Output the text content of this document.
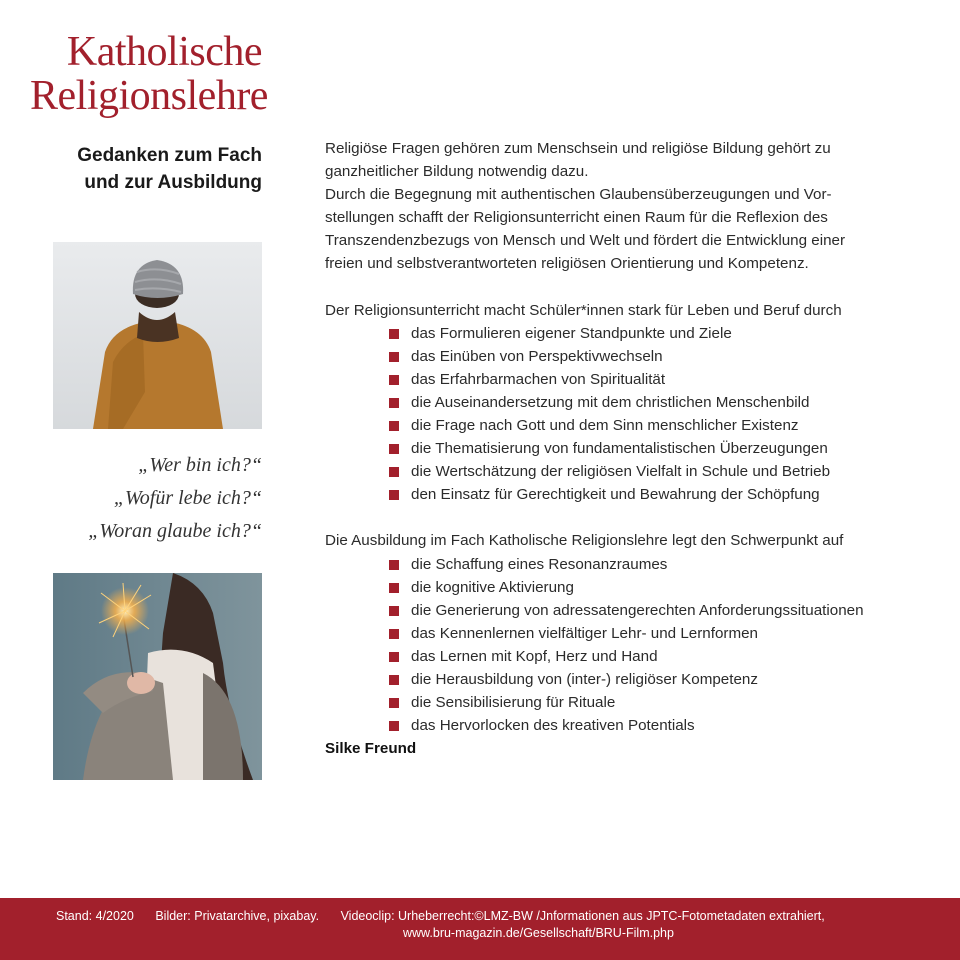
Katholische
Religionslehre
Gedanken zum Fach
und zur Ausbildung
„Wer bin ich?“
„Wofür lebe ich?“
„Woran glaube ich?“

Religiöse Fragen gehören zum Menschsein und religiöse Bildung gehört zu
ganzheitlicher Bildung notwendig dazu.
Durch die Begegnung mit authentischen Glaubensüberzeugungen und Vor-
stellungen schafft der Religionsunterricht einen Raum für die Reflexion des
Transzendenzbezugs von Mensch und Welt und fördert die Entwicklung einer
freien und selbstverantworteten religiösen Orientierung und Kompetenz.

Der Religionsunterricht macht Schüler*innen stark für Leben und Beruf durch

das Formulieren eigener Standpunkte und Ziele
das Einüben von Perspektivwechseln
das Erfahrbarmachen von Spiritualität
die Auseinandersetzung mit dem christlichen Menschenbild
die Frage nach Gott und dem Sinn menschlicher Existenz
die Thematisierung von fundamentalistischen Überzeugungen
die Wertschätzung der religiösen Vielfalt in Schule und Betrieb
den Einsatz für Gerechtigkeit und Bewahrung der Schöpfung

Die Ausbildung im Fach Katholische Religionslehre legt den Schwerpunkt auf

die Schaffung eines Resonanzraumes
die kognitive Aktivierung
die Generierung von adressatengerechten Anforderungssituationen
das Kennenlernen vielfältiger Lehr- und Lernformen
das Lernen mit Kopf, Herz und Hand
die Herausbildung von (inter-) religiöser Kompetenz
die Sensibilisierung für Rituale
das Hervorlocken des kreativen Potentials

Silke Freund

Stand: 4/2020 Bilder: Privatarchive, pixabay. Videoclip: Urheberrecht:©LMZ-BW /Jnformationen aus JPTC-Fotometadaten extrahiert,
www.bru-magazin.de/Gesellschaft/BRU-Film.php
